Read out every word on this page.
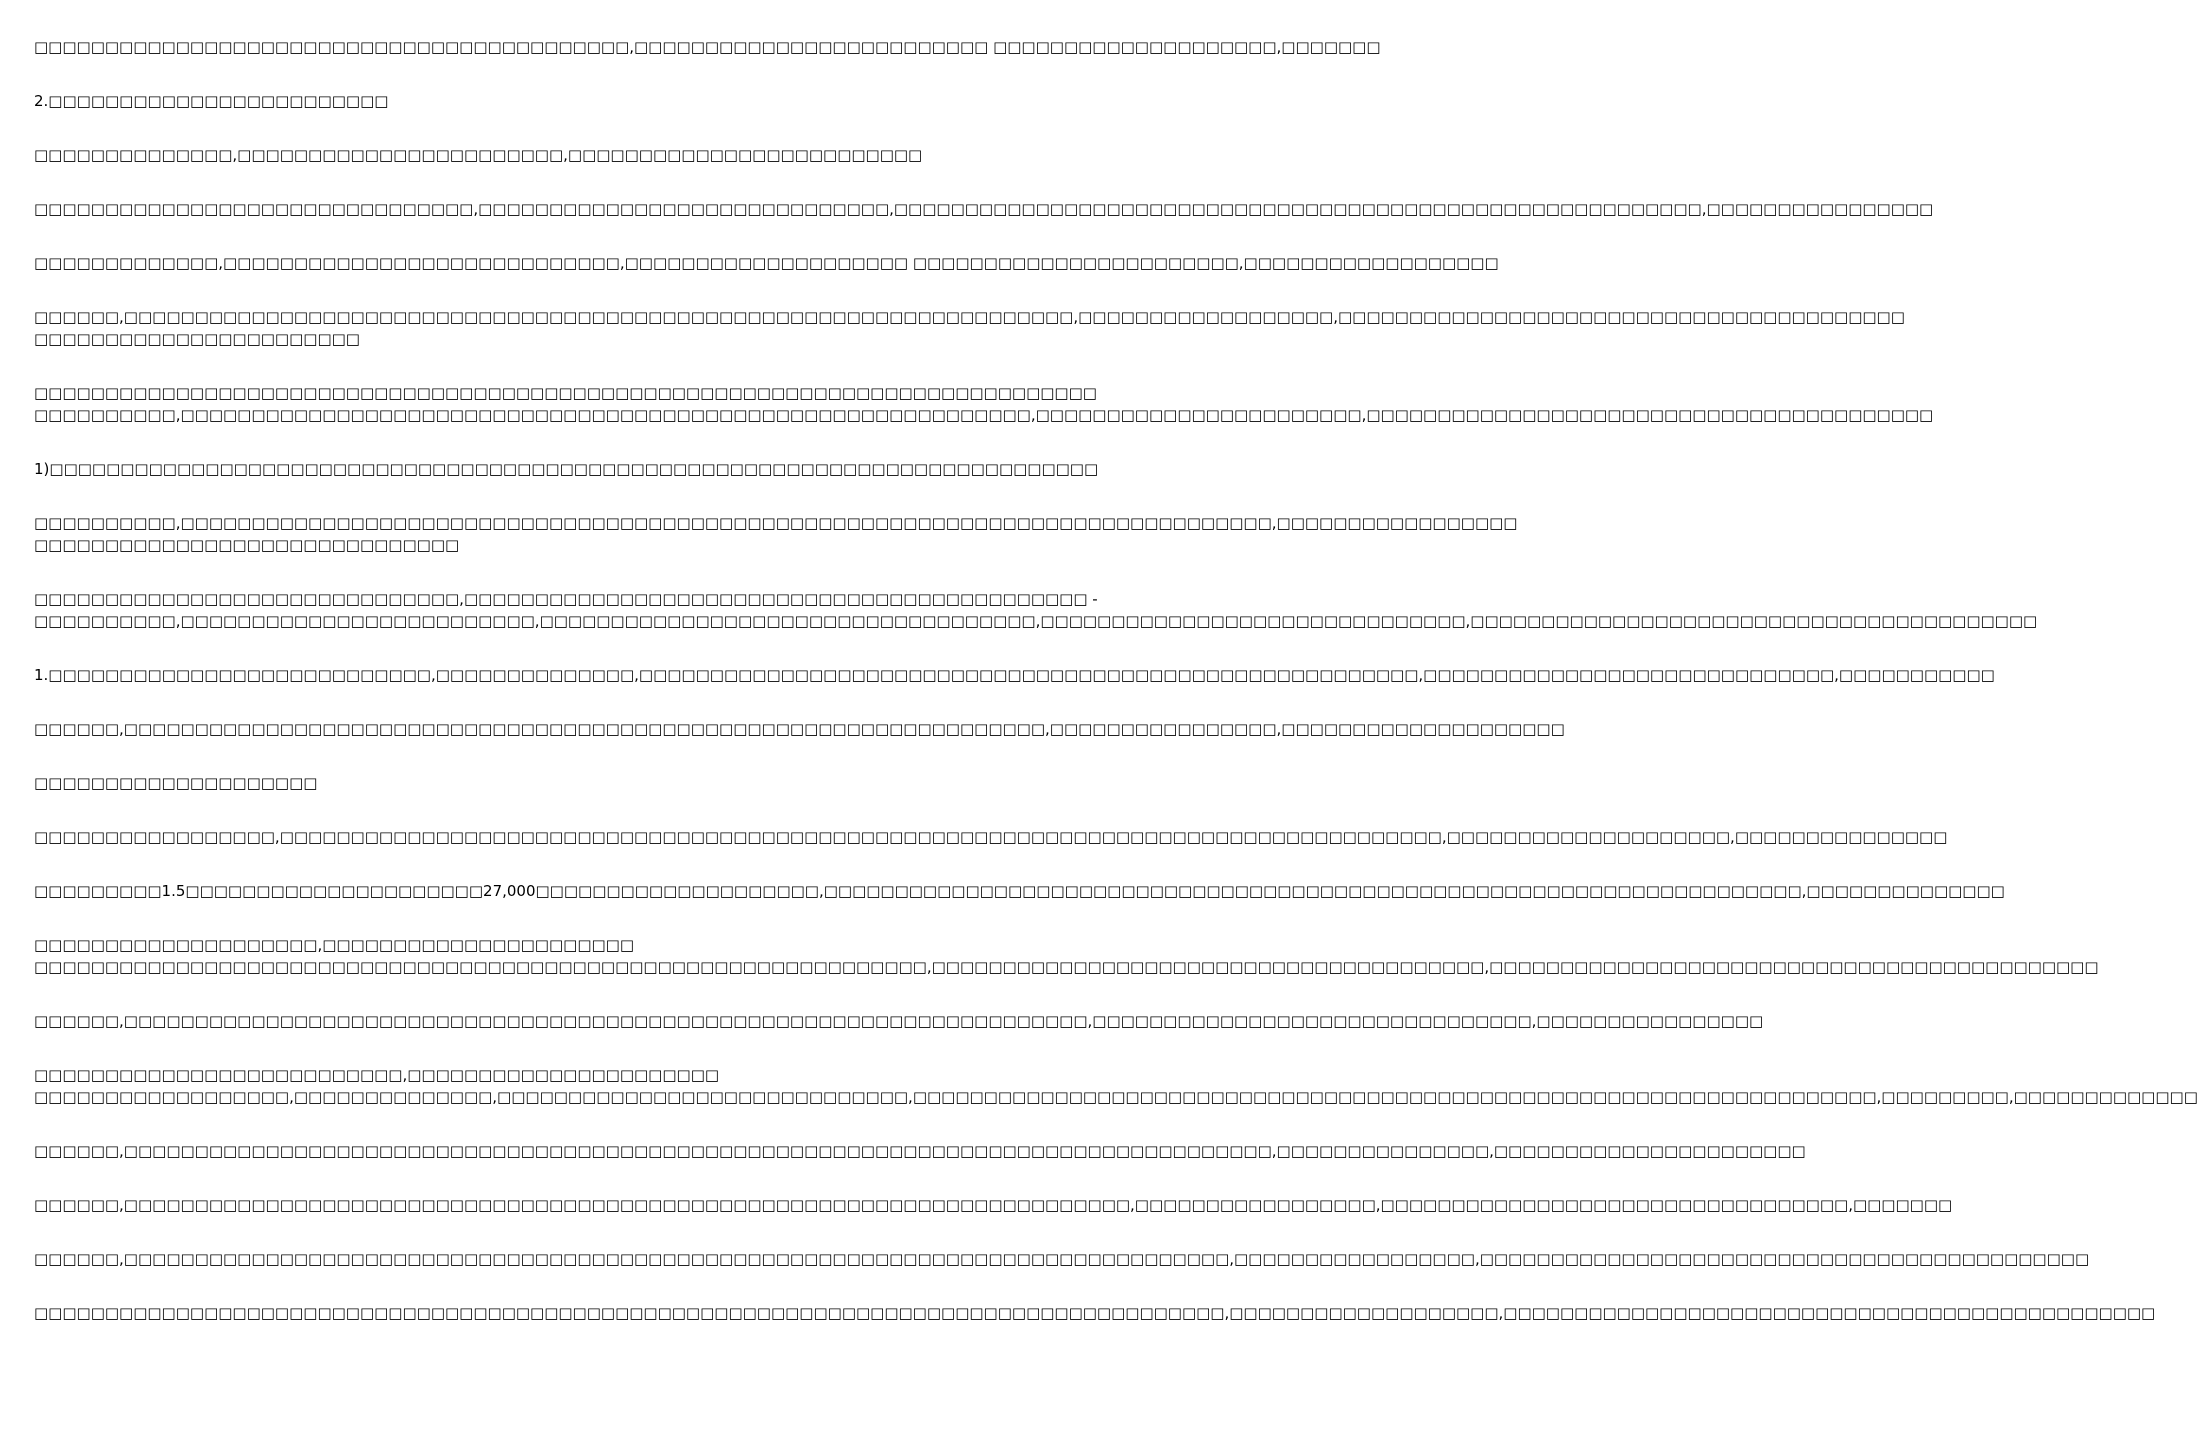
□□□□□□□□□□□□□□□□□□□□□□□□□□□□□□□□□□□□□□□□□□,□□□□□□□□□□□□□□□□□□□□□□□□□ □□□□□□□□□□□□□□□□□□□□,□□□□□□□

2.□□□□□□□□□□□□□□□□□□□□□□□□

□□□□□□□□□□□□□□,□□□□□□□□□□□□□□□□□□□□□□□,□□□□□□□□□□□□□□□□□□□□□□□□□

□□□□□□□□□□□□□□□□□□□□□□□□□□□□□□□,□□□□□□□□□□□□□□□□□□□□□□□□□□□□□,□□□□□□□□□□□□□□□□□□□□□□□□□□□□□□□□□□□□□□□□□□□□□□□□□□□□□□□□□,□□□□□□□□□□□□□□□□

□□□□□□□□□□□□□,□□□□□□□□□□□□□□□□□□□□□□□□□□□□,□□□□□□□□□□□□□□□□□□□□ □□□□□□□□□□□□□□□□□□□□□□□,□□□□□□□□□□□□□□□□□□

□□□□□□,□□□□□□□□□□□□□□□□□□□□□□□□□□□□□□□□□□□□□□□□□□□□□□□□□□□□□□□□□□□□□□□□□□□,□□□□□□□□□□□□□□□□□□,□□□□□□□□□□□□□□□□□□□□□□□□□□□□□□□□□□□□□□□□
□□□□□□□□□□□□□□□□□□□□□□□

□□□□□□□□□□□□□□□□□□□□□□□□□□□□□□□□□□□□□□□□□□□□□□□□□□□□□□□□□□□□□□□□□□□□□□□□□□□
□□□□□□□□□□,□□□□□□□□□□□□□□□□□□□□□□□□□□□□□□□□□□□□□□□□□□□□□□□□□□□□□□□□□□□□,□□□□□□□□□□□□□□□□□□□□□□□,□□□□□□□□□□□□□□□□□□□□□□□□□□□□□□□□□□□□□□□□

1)□□□□□□□□□□□□□□□□□□□□□□□□□□□□□□□□□□□□□□□□□□□□□□□□□□□□□□□□□□□□□□□□□□□□□□□□□□

□□□□□□□□□□,□□□□□□□□□□□□□□□□□□□□□□□□□□□□□□□□□□□□□□□□□□□□□□□□□□□□□□□□□□□□□□□□□□□□□□□□□□□□□,□□□□□□□□□□□□□□□□□
□□□□□□□□□□□□□□□□□□□□□□□□□□□□□□

□□□□□□□□□□□□□□□□□□□□□□□□□□□□□□,□□□□□□□□□□□□□□□□□□□□□□□□□□□□□□□□□□□□□□□□□□□□ -
□□□□□□□□□□,□□□□□□□□□□□□□□□□□□□□□□□□□,□□□□□□□□□□□□□□□□□□□□□□□□□□□□□□□□□□□,□□□□□□□□□□□□□□□□□□□□□□□□□□□□□□,□□□□□□□□□□□□□□□□□□□□□□□□□□□□□□□□□□□□□□□□

1.□□□□□□□□□□□□□□□□□□□□□□□□□□□,□□□□□□□□□□□□□□,□□□□□□□□□□□□□□□□□□□□□□□□□□□□□□□□□□□□□□□□□□□□□□□□□□□□□□□,□□□□□□□□□□□□□□□□□□□□□□□□□□□□□,□□□□□□□□□□□

□□□□□□,□□□□□□□□□□□□□□□□□□□□□□□□□□□□□□□□□□□□□□□□□□□□□□□□□□□□□□□□□□□□□□□□□,□□□□□□□□□□□□□□□□,□□□□□□□□□□□□□□□□□□□□

□□□□□□□□□□□□□□□□□□□□

□□□□□□□□□□□□□□□□□,□□□□□□□□□□□□□□□□□□□□□□□□□□□□□□□□□□□□□□□□□□□□□□□□□□□□□□□□□□□□□□□□□□□□□□□□□□□□□□□□□□,□□□□□□□□□□□□□□□□□□□□,□□□□□□□□□□□□□□□

□□□□□□□□□1.5□□□□□□□□□□□□□□□□□□□□□27,000□□□□□□□□□□□□□□□□□□□□,□□□□□□□□□□□□□□□□□□□□□□□□□□□□□□□□□□□□□□□□□□□□□□□□□□□□□□□□□□□□□□□□□□□□□,□□□□□□□□□□□□□□

□□□□□□□□□□□□□□□□□□□□,□□□□□□□□□□□□□□□□□□□□□□
□□□□□□□□□□□□□□□□□□□□□□□□□□□□□□□□□□□□□□□□□□□□□□□□□□□□□□□□□□□□□□□,□□□□□□□□□□□□□□□□□□□□□□□□□□□□□□□□□□□□□□□,□□□□□□□□□□□□□□□□□□□□□□□□□□□□□□□□□□□□□□□□□□□

□□□□□□,□□□□□□□□□□□□□□□□□□□□□□□□□□□□□□□□□□□□□□□□□□□□□□□□□□□□□□□□□□□□□□□□□□□□,□□□□□□□□□□□□□□□□□□□□□□□□□□□□□□□,□□□□□□□□□□□□□□□□

□□□□□□□□□□□□□□□□□□□□□□□□□□,□□□□□□□□□□□□□□□□□□□□□□
□□□□□□□□□□□□□□□□□□,□□□□□□□□□□□□□□,□□□□□□□□□□□□□□□□□□□□□□□□□□□□□,□□□□□□□□□□□□□□□□□□□□□□□□□□□□□□□□□□□□□□□□□□□□□□□□□□□□□□□□□□□□□□□□□□□□,□□□□□□□□□,□□□□□□□□□□□□□

□□□□□□,□□□□□□□□□□□□□□□□□□□□□□□□□□□□□□□□□□□□□□□□□□□□□□□□□□□□□□□□□□□□□□□□□□□□□□□□□□□□□□□□□,□□□□□□□□□□□□□□□,□□□□□□□□□□□□□□□□□□□□□□

□□□□□□,□□□□□□□□□□□□□□□□□□□□□□□□□□□□□□□□□□□□□□□□□□□□□□□□□□□□□□□□□□□□□□□□□□□□□□□,□□□□□□□□□□□□□□□□□,□□□□□□□□□□□□□□□□□□□□□□□□□□□□□□□□□,□□□□□□□

□□□□□□,□□□□□□□□□□□□□□□□□□□□□□□□□□□□□□□□□□□□□□□□□□□□□□□□□□□□□□□□□□□□□□□□□□□□□□□□□□□□□□,□□□□□□□□□□□□□□□□□,□□□□□□□□□□□□□□□□□□□□□□□□□□□□□□□□□□□□□□□□□□□

□□□□□□□□□□□□□□□□□□□□□□□□□□□□□□□□□□□□□□□□□□□□□□□□□□□□□□□□□□□□□□□□□□□□□□□□□□□□□□□□□□□□,□□□□□□□□□□□□□□□□□□□,□□□□□□□□□□□□□□□□□□□□□□□□□□□□□□□□□□□□□□□□□□□□□□
